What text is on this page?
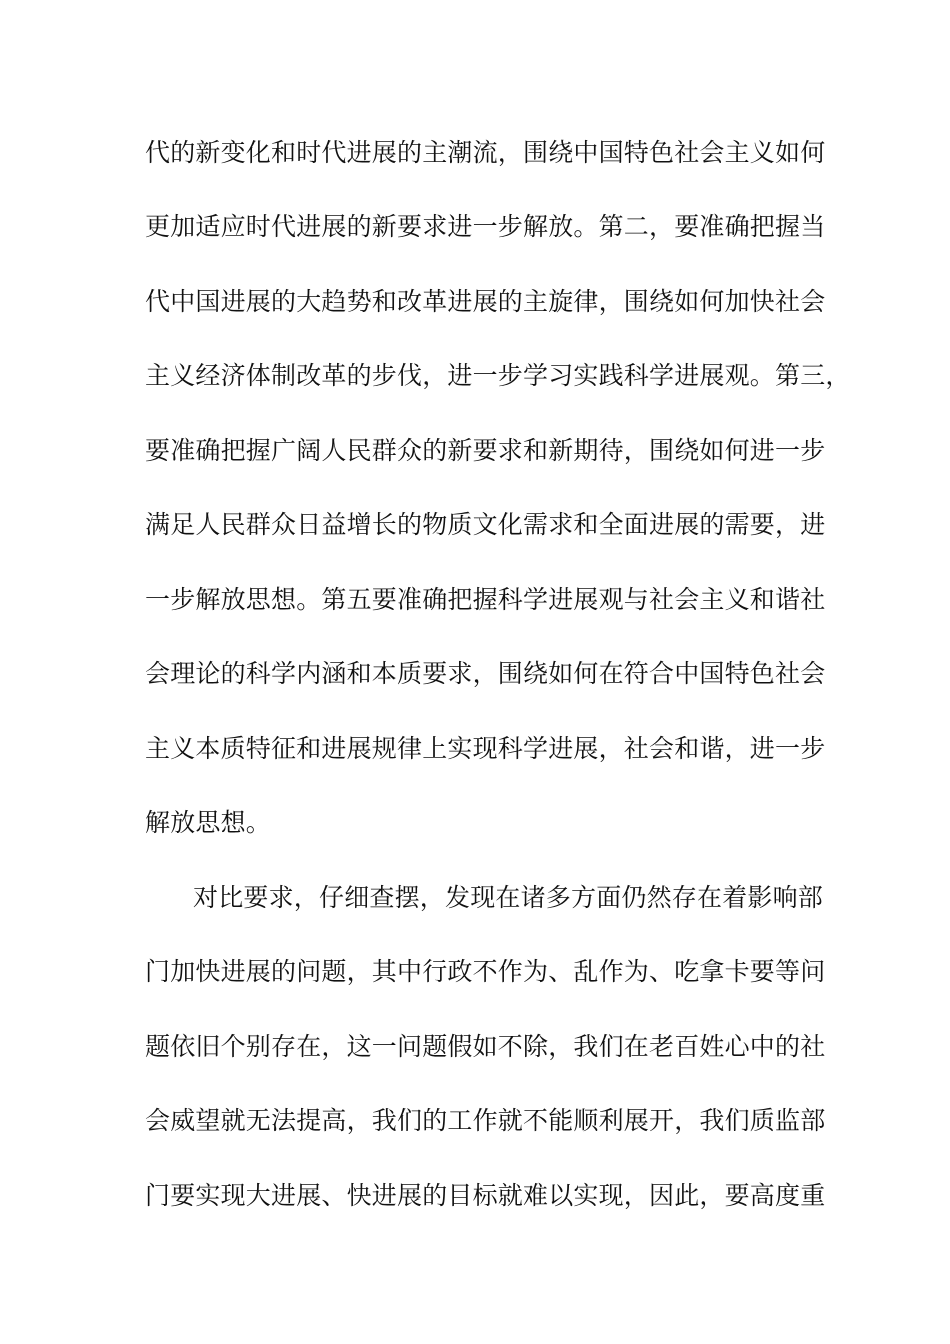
代的新变化和时代进展的主潮流，围绕中国特色社会主义如何
更加适应时代进展的新要求进一步解放。第二，要准确把握当
代中国进展的大趋势和改革进展的主旋律，围绕如何加快社会
主义经济体制改革的步伐，进一步学习实践科学进展观。第三，
要准确把握广阔人民群众的新要求和新期待，围绕如何进一步
满足人民群众日益增长的物质文化需求和全面进展的需要，进
一步解放思想。第五要准确把握科学进展观与社会主义和谐社
会理论的科学内涵和本质要求，围绕如何在符合中国特色社会
主义本质特征和进展规律上实现科学进展，社会和谐，进一步
解放思想。
对比要求，仔细查摆，发现在诸多方面仍然存在着影响部
门加快进展的问题，其中行政不作为、乱作为、吃拿卡要等问
题依旧个别存在，这一问题假如不除，我们在老百姓心中的社
会威望就无法提高，我们的工作就不能顺利展开，我们质监部
门要实现大进展、快进展的目标就难以实现，因此，要高度重
